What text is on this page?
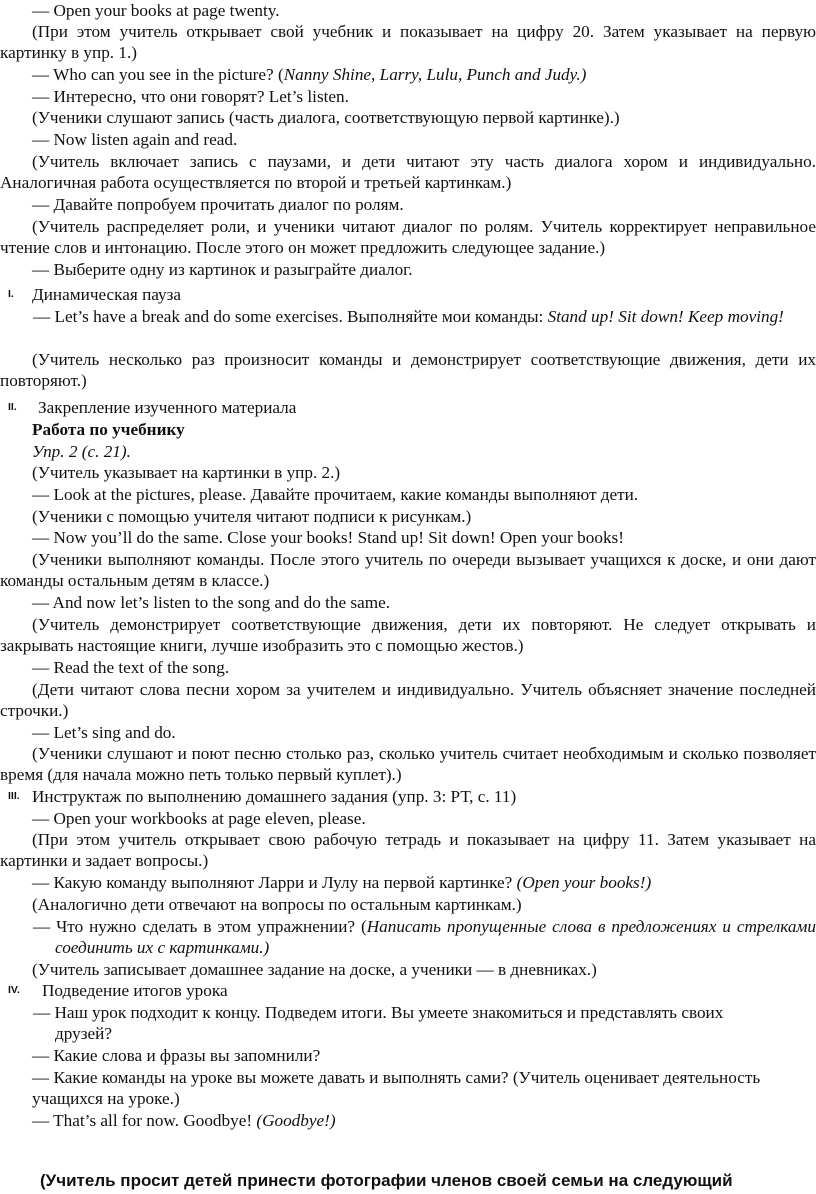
— Open your books at page twenty.
(При этом учитель открывает свой учебник и показывает на цифру 20. Затем указывает на первую картинку в упр. 1.)
— Who can you see in the picture? (Nanny Shine, Larry, Lulu, Punch and Judy.)
— Интересно, что они говорят? Let’s listen.
(Ученики слушают запись (часть диалога, соответствующую первой картинке).)
— Now listen again and read.
(Учитель включает запись с паузами, и дети читают эту часть диалога хором и индивидуально. Аналогичная работа осуществляется по второй и третьей картинкам.)
— Давайте попробуем прочитать диалог по ролям.
(Учитель распределяет роли, и ученики читают диалог по ролям. Учитель корректирует неправильное чтение слов и интонацию. После этого он может предложить следующее задание.)
— Выберите одну из картинок и разыграйте диалог.
I.	Динамическая пауза
— Let’s have a break and do some exercises. Выполняйте мои команды: Stand up! Sit down! Keep moving!
(Учитель несколько раз произносит команды и демонстрирует соответствующие движения, дети их повторяют.)
II.	Закрепление изученного материала
Работа по учебнику
Упр. 2 (с. 21).
(Учитель указывает на картинки в упр. 2.)
— Look at the pictures, please. Давайте прочитаем, какие команды выполняют дети.
(Ученики с помощью учителя читают подписи к рисункам.)
— Now you’ll do the same. Close your books! Stand up! Sit down! Open your books!
(Ученики выполняют команды. После этого учитель по очереди вызывает учащихся к доске, и они дают команды остальным детям в классе.)
— And now let’s listen to the song and do the same.
(Учитель демонстрирует соответствующие движения, дети их повторяют. Не следует открывать и закрывать настоящие книги, лучше изобразить это с помощью жестов.)
— Read the text of the song.
(Дети читают слова песни хором за учителем и индивидуально. Учитель объясняет значение последней строчки.)
— Let’s sing and do.
(Ученики слушают и поют песню столько раз, сколько учитель считает необходимым и сколько позволяет время (для начала можно петь только первый куплет).)
III. Инструктаж по выполнению домашнего задания (упр. 3: РТ, с. 11)
— Open your workbooks at page eleven, please.
(При этом учитель открывает свою рабочую тетрадь и показывает на цифру 11. Затем указывает на картинки и задает вопросы.)
— Какую команду выполняют Ларри и Лулу на первой картинке? (Open your books!)
(Аналогично дети отвечают на вопросы по остальным картинкам.)
— Что нужно сделать в этом упражнении? (Написать пропущенные слова в предложениях и стрелками соединить их с картинками.)
(Учитель записывает домашнее задание на доске, а ученики — в дневниках.)
IV.	Подведение итогов урока
— Наш урок подходит к концу. Подведем итоги. Вы умеете знакомиться и представлять своих друзей?
— Какие слова и фразы вы запомнили?
— Какие команды на уроке вы можете давать и выполнять сами? (Учитель оценивает деятельность учащихся на уроке.)
— That’s all for now. Goodbye! (Goodbye!)
(Учитель просит детей принести фотографии членов своей семьи на следующий
